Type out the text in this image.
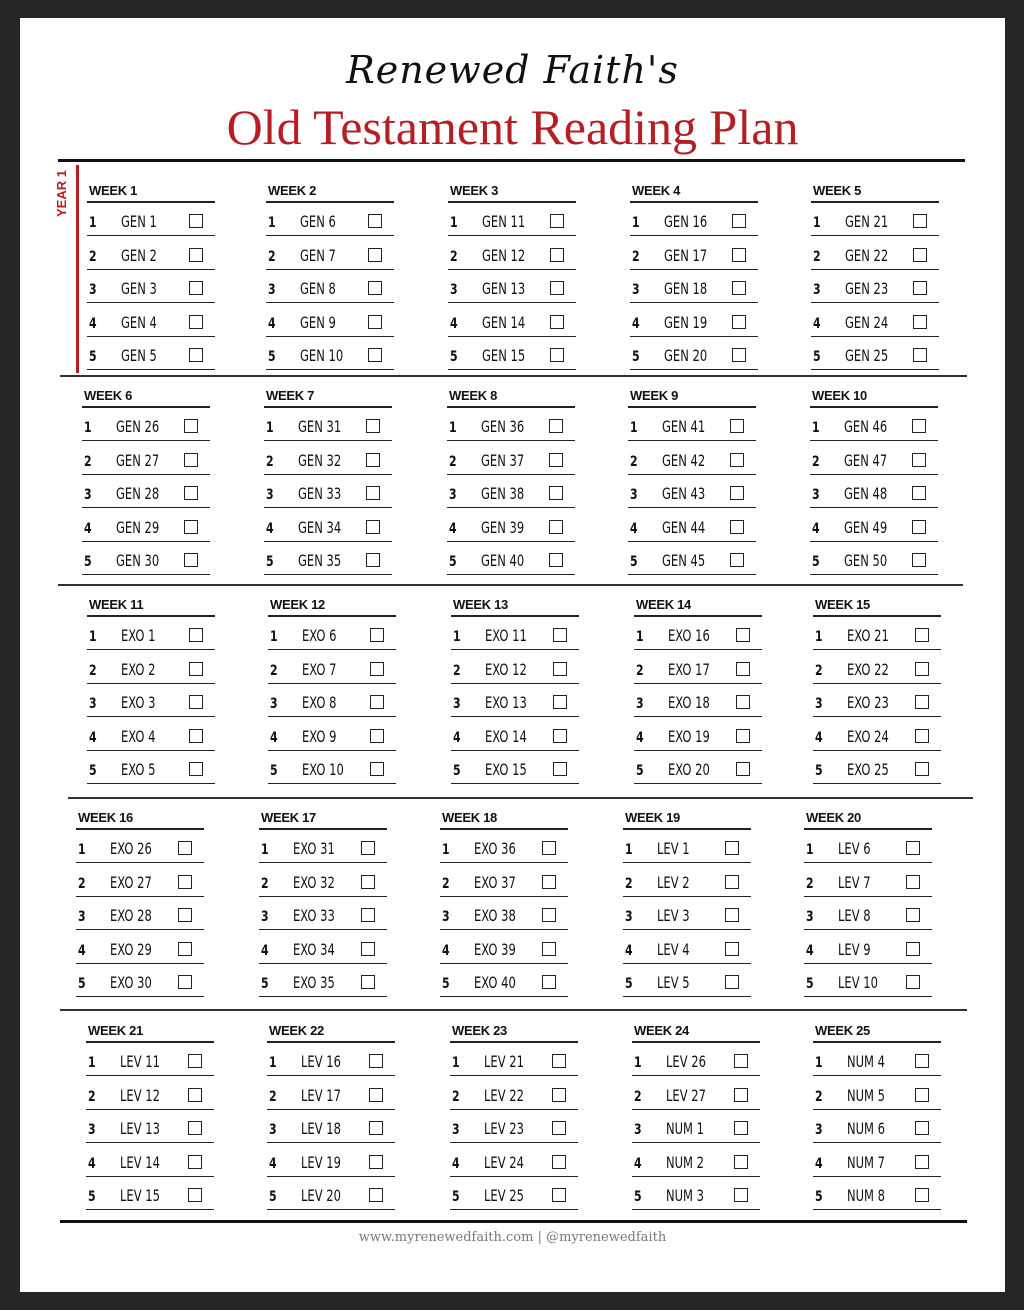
Renewed Faith's
Old Testament Reading Plan
YEAR 1 WEEK 1
1 GEN 1
2 GEN 2
3 GEN 3
4 GEN 4
5 GEN 5
WEEK 2
1 GEN 6
2 GEN 7
3 GEN 8
4 GEN 9
5 GEN 10
WEEK 3
1 GEN 11
2 GEN 12
3 GEN 13
4 GEN 14
5 GEN 15
WEEK 4
1 GEN 16
2 GEN 17
3 GEN 18
4 GEN 19
5 GEN 20
WEEK 5
1 GEN 21
2 GEN 22
3 GEN 23
4 GEN 24
5 GEN 25
WEEK 6
1 GEN 26
2 GEN 27
3 GEN 28
4 GEN 29
5 GEN 30
WEEK 7
1 GEN 31
2 GEN 32
3 GEN 33
4 GEN 34
5 GEN 35
WEEK 8
1 GEN 36
2 GEN 37
3 GEN 38
4 GEN 39
5 GEN 40
WEEK 9
1 GEN 41
2 GEN 42
3 GEN 43
4 GEN 44
5 GEN 45
WEEK 10
1 GEN 46
2 GEN 47
3 GEN 48
4 GEN 49
5 GEN 50
WEEK 11
1 EXO 1
2 EXO 2
3 EXO 3
4 EXO 4
5 EXO 5
WEEK 12
1 EXO 6
2 EXO 7
3 EXO 8
4 EXO 9
5 EXO 10
WEEK 13
1 EXO 11
2 EXO 12
3 EXO 13
4 EXO 14
5 EXO 15
WEEK 14
1 EXO 16
2 EXO 17
3 EXO 18
4 EXO 19
5 EXO 20
WEEK 15
1 EXO 21
2 EXO 22
3 EXO 23
4 EXO 24
5 EXO 25
WEEK 16
1 EXO 26
2 EXO 27
3 EXO 28
4 EXO 29
5 EXO 30
WEEK 17
1 EXO 31
2 EXO 32
3 EXO 33
4 EXO 34
5 EXO 35
WEEK 18
1 EXO 36
2 EXO 37
3 EXO 38
4 EXO 39
5 EXO 40
WEEK 19
1 LEV 1
2 LEV 2
3 LEV 3
4 LEV 4
5 LEV 5
WEEK 20
1 LEV 6
2 LEV 7
3 LEV 8
4 LEV 9
5 LEV 10
WEEK 21
1 LEV 11
2 LEV 12
3 LEV 13
4 LEV 14
5 LEV 15
WEEK 22
1 LEV 16
2 LEV 17
3 LEV 18
4 LEV 19
5 LEV 20
WEEK 23
1 LEV 21
2 LEV 22
3 LEV 23
4 LEV 24
5 LEV 25
WEEK 24
1 LEV 26
2 LEV 27
3 NUM 1
4 NUM 2
5 NUM 3
WEEK 25
1 NUM 4
2 NUM 5
3 NUM 6
4 NUM 7
5 NUM 8
www.myrenewedfaith.com | @myrenewedfaith
